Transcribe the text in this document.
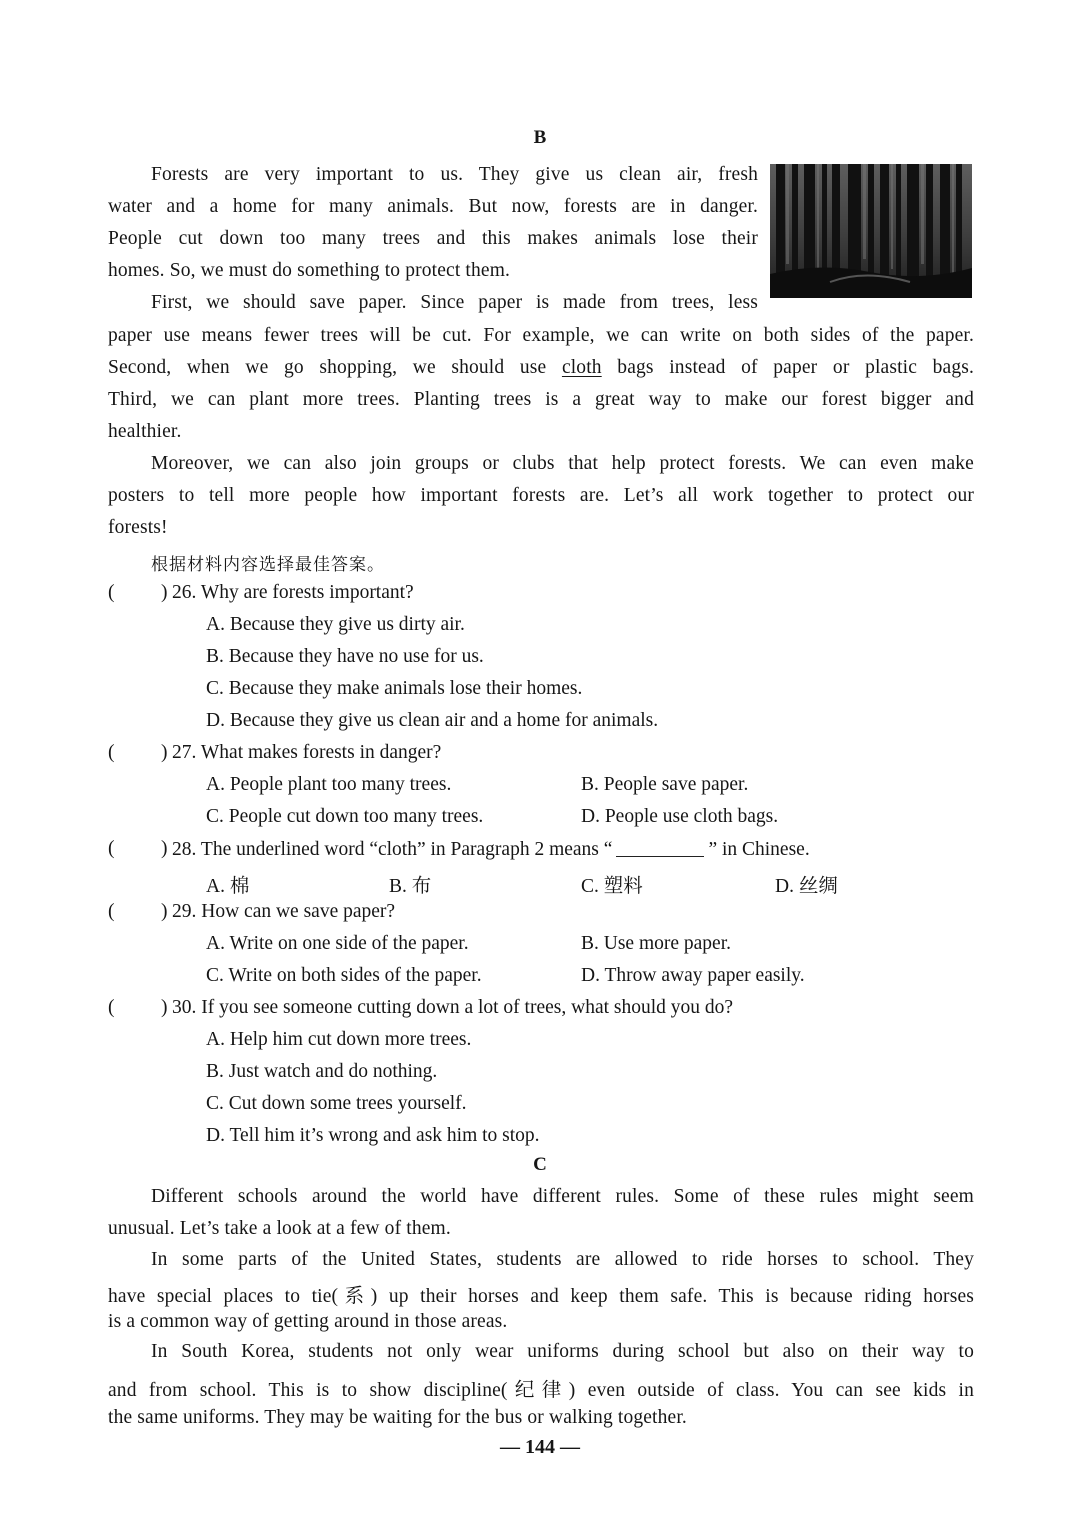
B
Forests are very important to us. They give us clean air, fresh
water and a home for many animals. But now, forests are in danger.
People cut down too many trees and this makes animals lose their
homes. So, we must do something to protect them.
First, we should save paper. Since paper is made from trees, less
paper use means fewer trees will be cut. For example, we can write on both sides of the paper.
Second, when we go shopping, we should use cloth bags instead of paper or plastic bags.
Third, we can plant more trees. Planting trees is a great way to make our forest bigger and
healthier.
Moreover, we can also join groups or clubs that help protect forests. We can even make
posters to tell more people how important forests are. Let’s all work together to protect our
forests!
根据材料内容选择最佳答案。
( ) 26. Why are forests important?
A. Because they give us dirty air.
B. Because they have no use for us.
C. Because they make animals lose their homes.
D. Because they give us clean air and a home for animals.
( ) 27. What makes forests in danger?
A. People plant too many trees.	B. People save paper.
C. People cut down too many trees.	D. People use cloth bags.
( ) 28. The underlined word “cloth” in Paragraph 2 means “	” in Chinese.
A. 棉	B. 布	C. 塑料	D. 丝绸
( ) 29. How can we save paper?
A. Write on one side of the paper.	B. Use more paper.
C. Write on both sides of the paper.	D. Throw away paper easily.
( ) 30. If you see someone cutting down a lot of trees, what should you do?
A. Help him cut down more trees.
B. Just watch and do nothing.
C. Cut down some trees yourself.
D. Tell him it’s wrong and ask him to stop.
C
Different schools around the world have different rules. Some of these rules might seem
unusual. Let’s take a look at a few of them.
In some parts of the United States, students are allowed to ride horses to school. They
have special places to tie(系) up their horses and keep them safe. This is because riding horses
is a common way of getting around in those areas.
In South Korea, students not only wear uniforms during school but also on their way to
and from school. This is to show discipline(纪律) even outside of class. You can see kids in
the same uniforms. They may be waiting for the bus or walking together.
— 144 —
